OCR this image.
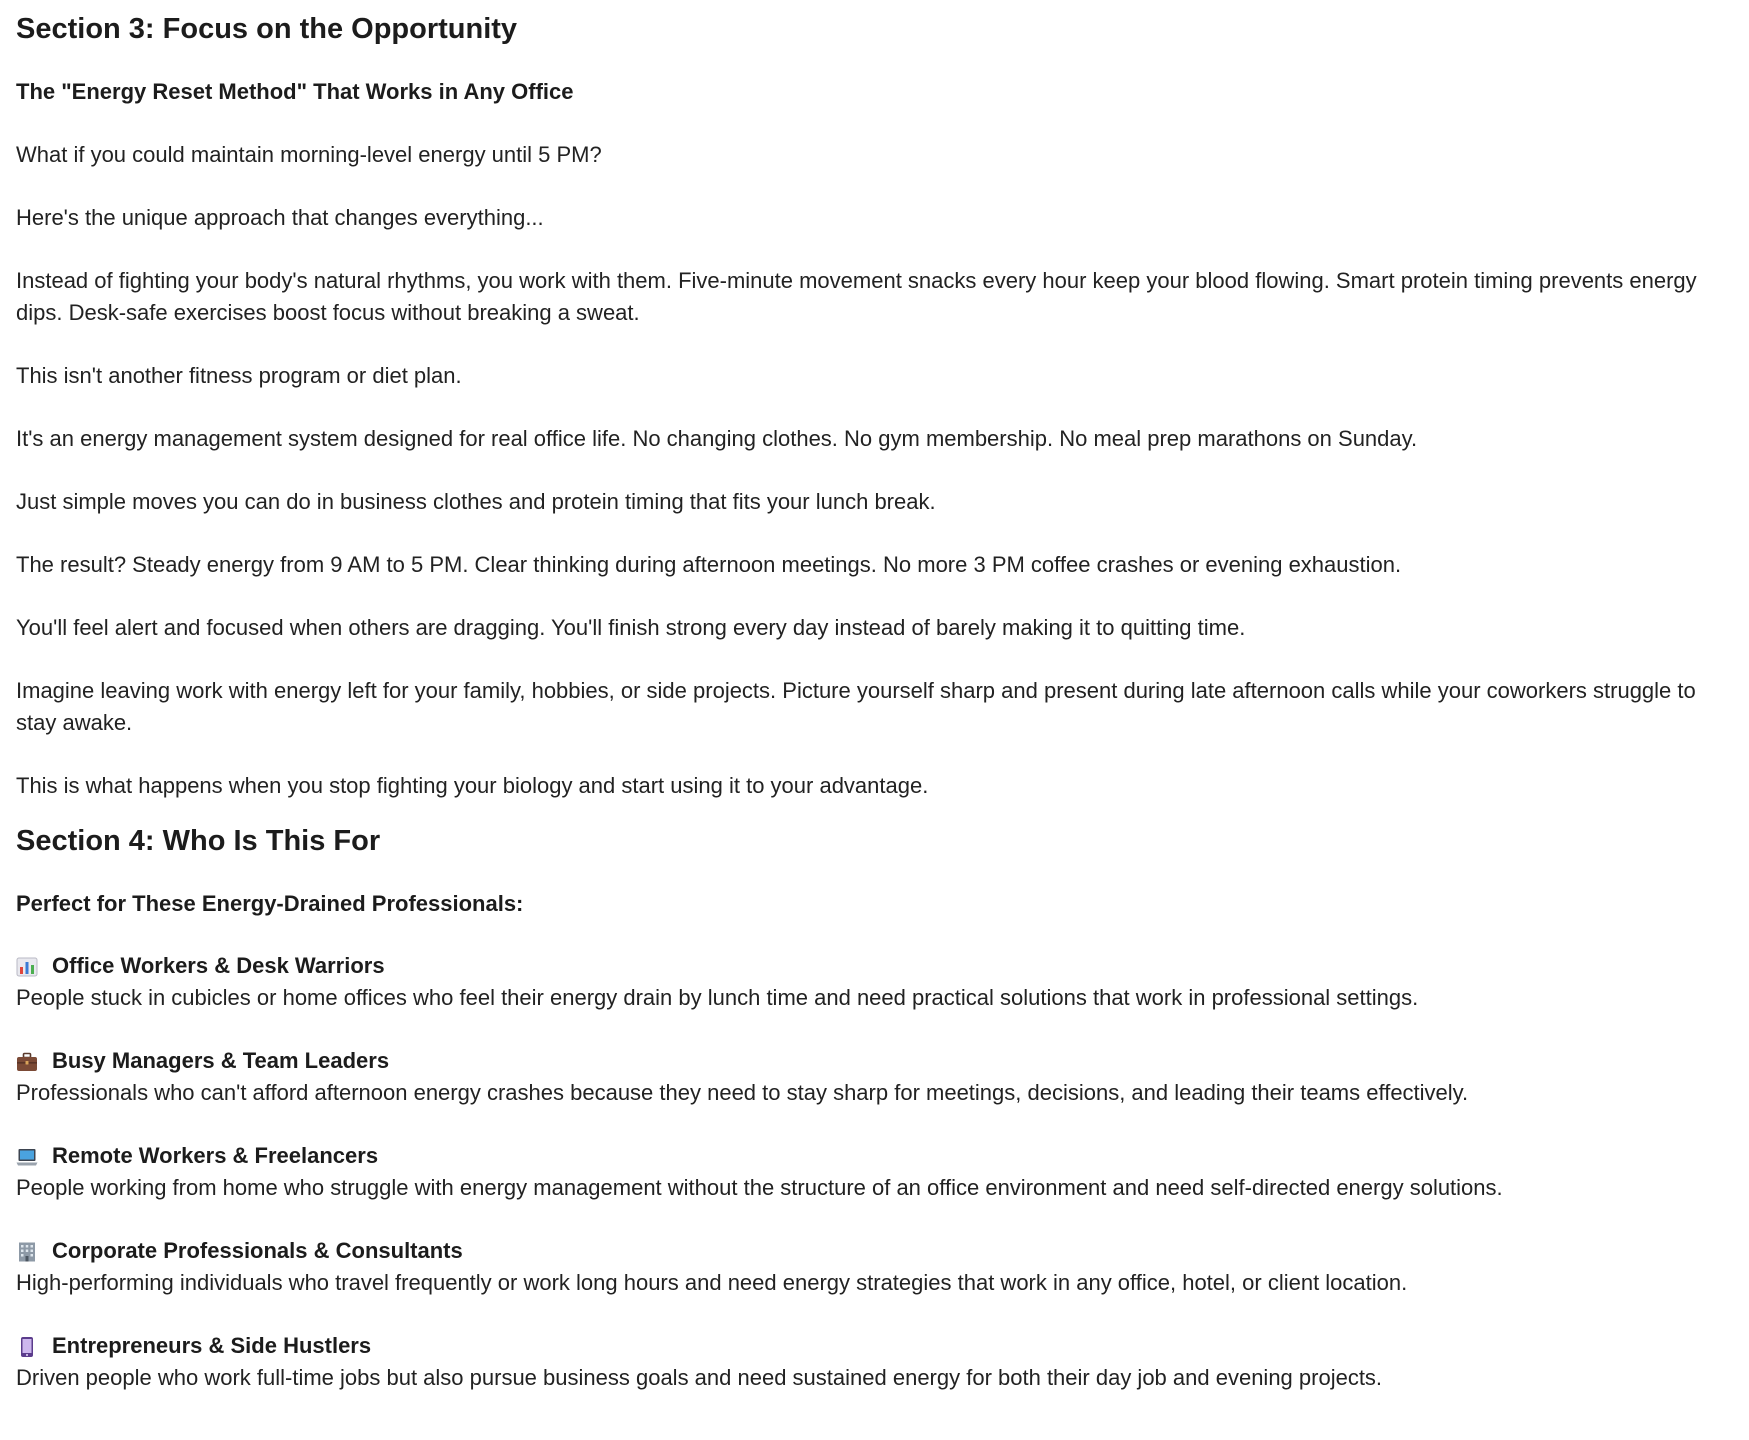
Section 3: Focus on the Opportunity
The "Energy Reset Method" That Works in Any Office

What if you could maintain morning-level energy until 5 PM?

Here's the unique approach that changes everything...

Instead of fighting your body's natural rhythms, you work with them. Five-minute movement snacks every hour keep your blood flowing. Smart protein timing prevents energy dips. Desk-safe exercises boost focus without breaking a sweat.

This isn't another fitness program or diet plan.

It's an energy management system designed for real office life. No changing clothes. No gym membership. No meal prep marathons on Sunday.

Just simple moves you can do in business clothes and protein timing that fits your lunch break.

The result? Steady energy from 9 AM to 5 PM. Clear thinking during afternoon meetings. No more 3 PM coffee crashes or evening exhaustion.

You'll feel alert and focused when others are dragging. You'll finish strong every day instead of barely making it to quitting time.

Imagine leaving work with energy left for your family, hobbies, or side projects. Picture yourself sharp and present during late afternoon calls while your coworkers struggle to stay awake.

This is what happens when you stop fighting your biology and start using it to your advantage.

Section 4: Who Is This For
Perfect for These Energy-Drained Professionals:
Office Workers & Desk Warriors
People stuck in cubicles or home offices who feel their energy drain by lunch time and need practical solutions that work in professional settings.
Busy Managers & Team Leaders
Professionals who can't afford afternoon energy crashes because they need to stay sharp for meetings, decisions, and leading their teams effectively.
Remote Workers & Freelancers
People working from home who struggle with energy management without the structure of an office environment and need self-directed energy solutions.
Corporate Professionals & Consultants
High-performing individuals who travel frequently or work long hours and need energy strategies that work in any office, hotel, or client location.
Entrepreneurs & Side Hustlers
Driven people who work full-time jobs but also pursue business goals and need sustained energy for both their day job and evening projects.
